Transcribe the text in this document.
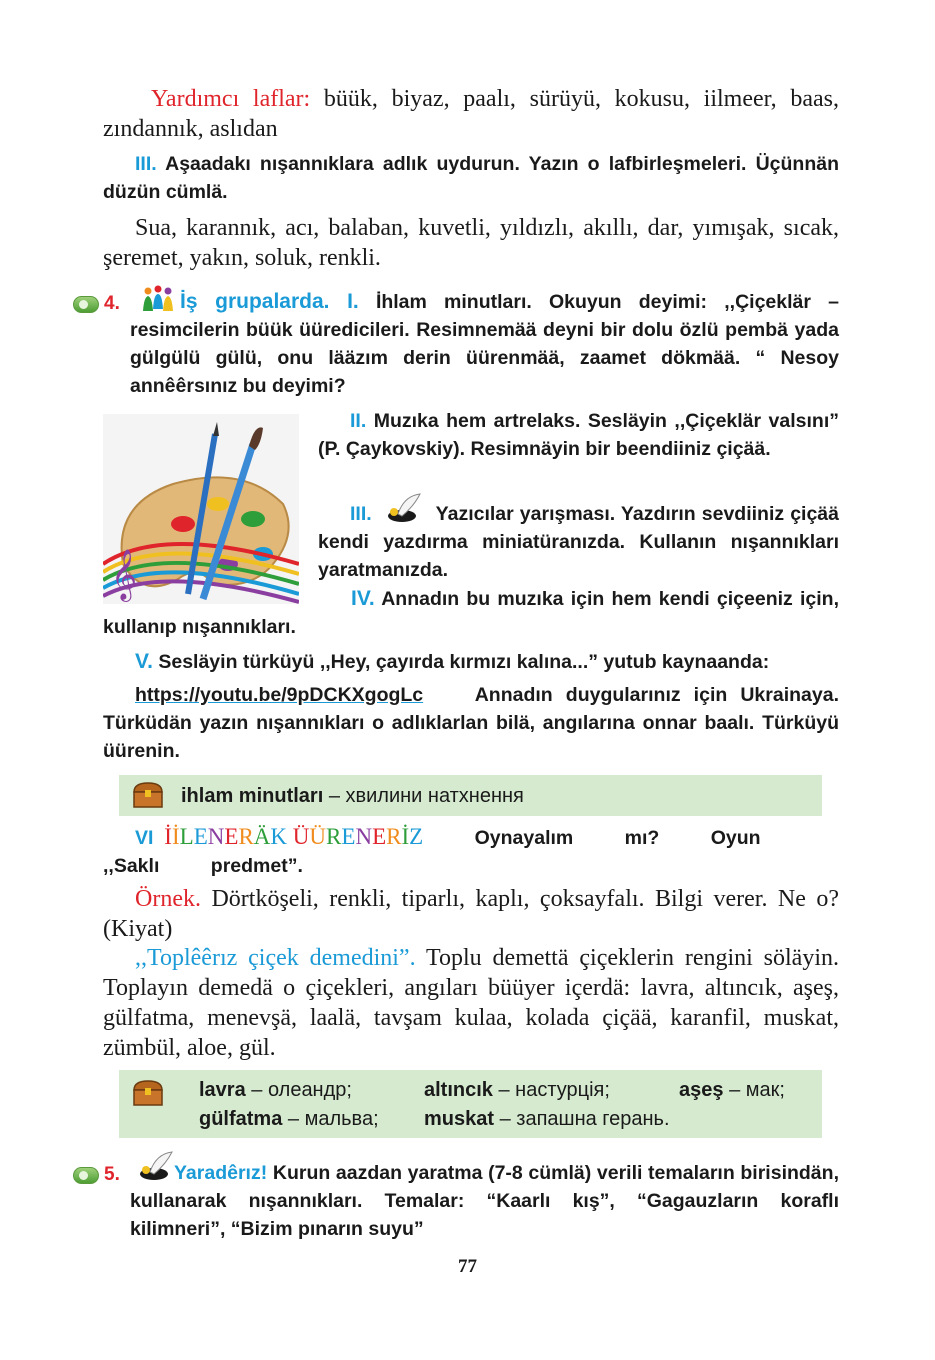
Yardımcı laflar: büük, biyaz, paalı, sürüyü, kokusu, iilmeer, baas, zındannık, aslıdan

III. Aşaadakı nışannıklara adlık uydurun. Yazın o lafbirleşmeleri. Üçünnän düzün cümlä.

Sua, karannık, acı, balaban, kuvetli, yıldızlı, akıllı, dar, yımışak, sıcak, şeremet, yakın, soluk, renkli.

4.	İş grupalarda. I. İhlam minutları. Okuyun deyimi: ,,Çiçeklär – resimcilerin büük üüredicileri. Resimnemää deyni bir dolu özlü pembä yada gülgülü gülü, onu lääzım derin üürenmää, zaamet dökmää. “ Nesoy annêêrsınız bu deyimi?

𝄞

II. Muzıka hem artrelaks. Sesläyin ,,Çiçeklär valsını” (P. Çaykovskiy). Resimnäyin bir beendiiniz çiçää.

III.	Yazıcılar yarışması. Yazdırın sevdiiniz çiçää kendi yazdırma miniatüranızda. Kullanın nışannıkları yaratmanızda.

IV. Annadın bu muzıka için hem kendi çiçeeniz için, kullanıp nışannıkları.

V. Sesläyin türküyü ,,Hey, çayırda kırmızı kalına...” yutub kaynaanda:

https://youtu.be/9pDCKXgogLc	Annadın duygularınız için Ukrainaya. Türküdän yazın nışannıkları o adlıklarlan bilä, angılarına onnar baalı. Türküyü üürenin.

ihlam minutları – хвилини натхнення

VI İİLENERÄK ÜÜRENERİZ Oynayalım mı? Oyun ,,Saklı predmet”.

Örnek. Dörtköşeli, renkli, tiparlı, kaplı, çoksayfalı. Bilgi verer. Ne o? (Kiyat)

,,Toplêêrız çiçek demedini”. Toplu demettä çiçeklerin rengini söläyin. Toplayın demedä o çiçekleri, angıları büüyer içerdä: lavra, altıncık, aşeş, gülfatma, menevşä, laalä, tavşam kulaa, kolada çiçää, karanfil, muskat, zümbül, aloe, gül.

lavra – олеандр;	altıncık – настурція;	aşeş – мак;
gülfatma – мальва; muskat – запашна герань.
5.	Yaradêrız! Kurun aazdan yaratma (7-8 cümlä) verili temaların birisindän, kullanarak nışannıkları. Temalar: “Kaarlı kış”, “Gagauzların koraflı kilimneri”, “Bizim pınarın suyu”

77
